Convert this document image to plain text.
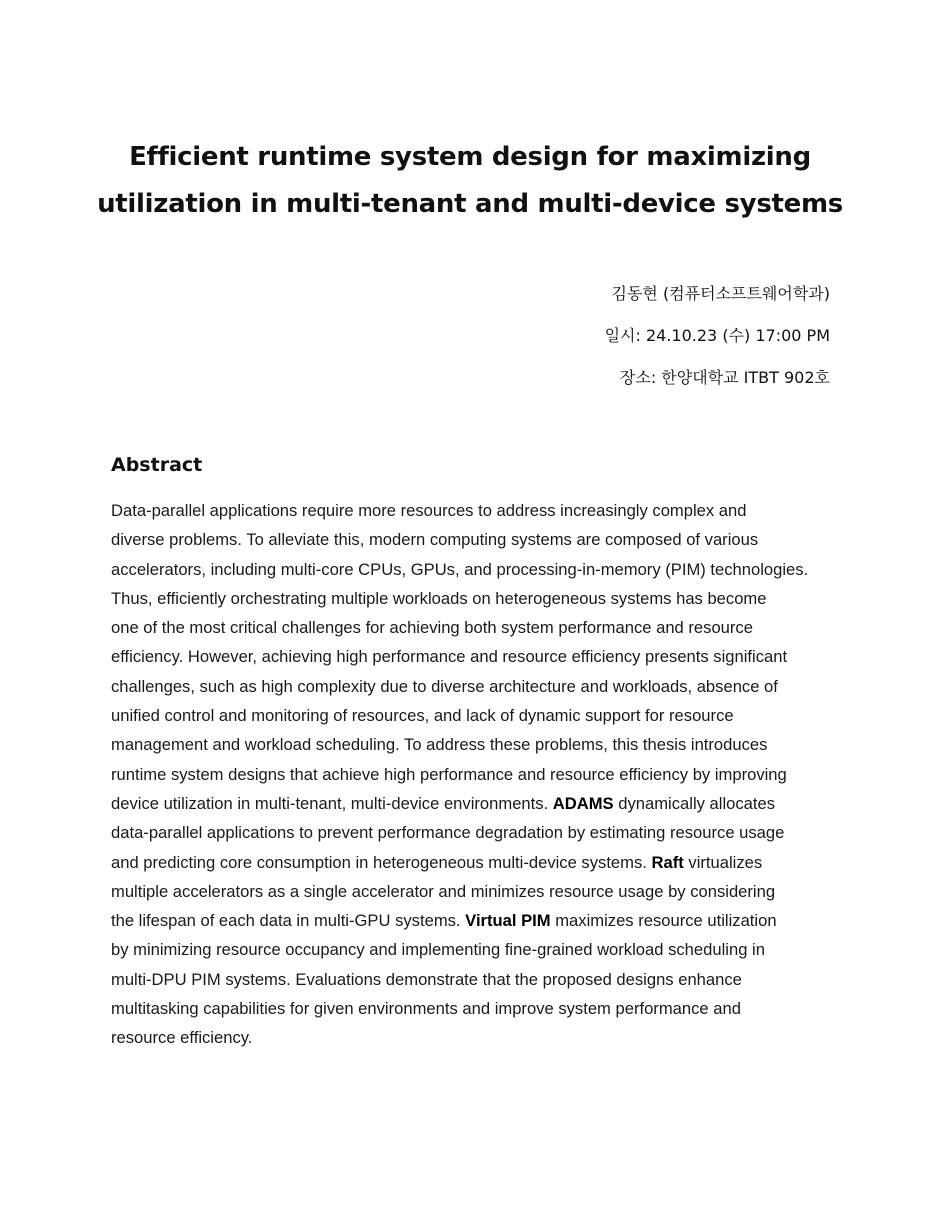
Efficient runtime system design for maximizing
utilization in multi-tenant and multi-device systems
김동현 (컴퓨터소프트웨어학과)
일시: 24.10.23 (수) 17:00 PM
장소: 한양대학교 ITBT 902호
Abstract
Data-parallel applications require more resources to address increasingly complex and
diverse problems. To alleviate this, modern computing systems are composed of various
accelerators, including multi-core CPUs, GPUs, and processing-in-memory (PIM) technologies.
Thus, efficiently orchestrating multiple workloads on heterogeneous systems has become
one of the most critical challenges for achieving both system performance and resource
efficiency. However, achieving high performance and resource efficiency presents significant
challenges, such as high complexity due to diverse architecture and workloads, absence of
unified control and monitoring of resources, and lack of dynamic support for resource
management and workload scheduling. To address these problems, this thesis introduces
runtime system designs that achieve high performance and resource efficiency by improving
device utilization in multi-tenant, multi-device environments. ADAMS dynamically allocates
data-parallel applications to prevent performance degradation by estimating resource usage
and predicting core consumption in heterogeneous multi-device systems. Raft virtualizes
multiple accelerators as a single accelerator and minimizes resource usage by considering
the lifespan of each data in multi-GPU systems. Virtual PIM maximizes resource utilization
by minimizing resource occupancy and implementing fine-grained workload scheduling in
multi-DPU PIM systems. Evaluations demonstrate that the proposed designs enhance
multitasking capabilities for given environments and improve system performance and
resource efficiency.
